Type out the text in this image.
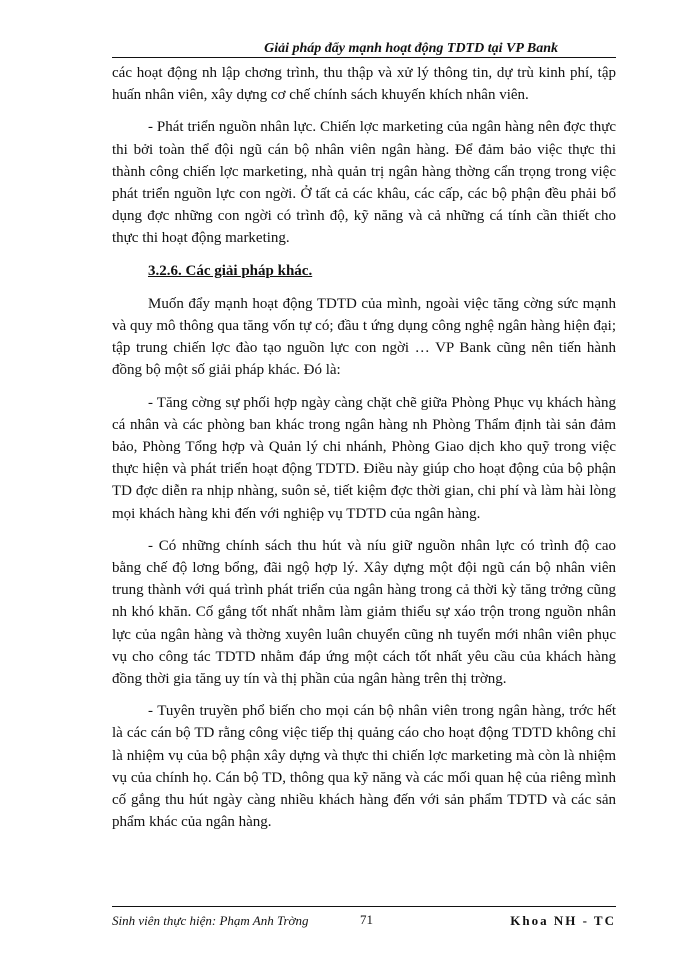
Giải pháp đẩy mạnh hoạt động TDTD tại VP Bank

các hoạt động nh lập chơng trình, thu thập và xử lý thông tin, dự trù kinh phí, tập huấn nhân viên, xây dựng cơ chế chính sách khuyến khích nhân viên.

- Phát triển nguồn nhân lực. Chiến lợc marketing của ngân hàng nên đợc thực thi bởi toàn thể đội ngũ cán bộ nhân viên ngân hàng. Để đảm bảo việc thực thi thành công chiến lợc marketing, nhà quản trị ngân hàng thờng cẩn trọng trong việc phát triển nguồn lực con ngời. Ở tất cả các khâu, các cấp, các bộ phận đều phải bổ dụng đợc những con ngời có trình độ, kỹ năng và cả những cá tính cần thiết cho thực thi hoạt động marketing.

3.2.6. Các giải pháp khác.

Muốn đẩy mạnh hoạt động TDTD của mình, ngoài việc tăng cờng sức mạnh và quy mô thông qua tăng vốn tự có; đầu t ứng dụng công nghệ ngân hàng hiện đại; tập trung chiến lợc đào tạo nguồn lực con ngời … VP Bank cũng nên tiến hành đồng bộ một số giải pháp khác. Đó là:

- Tăng cờng sự phối hợp ngày càng chặt chẽ giữa Phòng Phục vụ khách hàng cá nhân và các phòng ban khác trong ngân hàng nh Phòng Thẩm định tài sản đảm bảo, Phòng Tổng hợp và Quản lý chi nhánh, Phòng Giao dịch kho quỹ trong việc thực hiện và phát triển hoạt động TDTD. Điều này giúp cho hoạt động của bộ phận TD đợc diễn ra nhịp nhàng, suôn sẻ, tiết kiệm đợc thời gian, chi phí và làm hài lòng mọi khách hàng khi đến với nghiệp vụ TDTD của ngân hàng.

- Có những chính sách thu hút và níu giữ nguồn nhân lực có trình độ cao bằng chế độ lơng bổng, đãi ngộ hợp lý. Xây dựng một đội ngũ cán bộ nhân viên trung thành với quá trình phát triển của ngân hàng trong cả thời kỳ tăng trởng cũng nh khó khăn. Cố gắng tốt nhất nhằm làm giảm thiểu sự xáo trộn trong nguồn nhân lực của ngân hàng và thờng xuyên luân chuyển cũng nh tuyển mới nhân viên phục vụ cho công tác TDTD nhằm đáp ứng một cách tốt nhất yêu cầu của khách hàng đồng thời gia tăng uy tín và thị phần của ngân hàng trên thị trờng.

- Tuyên truyền phổ biến cho mọi cán bộ nhân viên trong ngân hàng, trớc hết là các cán bộ TD rằng công việc tiếp thị quảng cáo cho hoạt động TDTD không chỉ là nhiệm vụ của bộ phận xây dựng và thực thi chiến lợc marketing mà còn là nhiệm vụ của chính họ. Cán bộ TD, thông qua kỹ năng và các mối quan hệ của riêng mình cố gắng thu hút ngày càng nhiều khách hàng đến với sản phẩm TDTD và các sản phẩm khác của ngân hàng.

Sinh viên thực hiện: Phạm Anh Trờng	71	Khoa NH - TC
